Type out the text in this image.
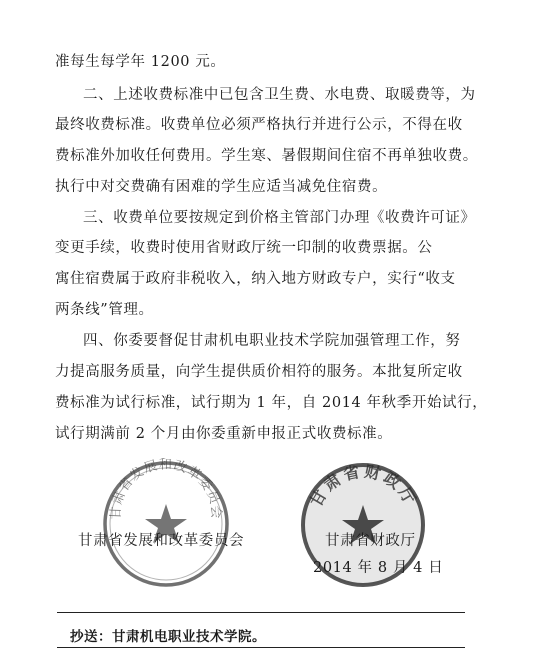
准每生每学年 1200 元。
二、上述收费标准中已包含卫生费、水电费、取暖费等，为
最终收费标准。收费单位必须严格执行并进行公示，不得在收
费标准外加收任何费用。学生寒、暑假期间住宿不再单独收费。
执行中对交费确有困难的学生应适当减免住宿费。
三、收费单位要按规定到价格主管部门办理《收费许可证》
变更手续，收费时使用省财政厅统一印制的收费票据。公
寓住宿费属于政府非税收入，纳入地方财政专户，实行“收支
两条线”管理。
四、你委要督促甘肃机电职业技术学院加强管理工作，努
力提高服务质量，向学生提供质价相符的服务。本批复所定收
费标准为试行标准，试行期为 1 年，自 2014 年秋季开始试行，
试行期满前 2 个月由你委重新申报正式收费标准。
甘肃省发展和改革委员会
甘肃省财政厅
甘肃省发展和改革委员会	甘肃省财政厅
2014 年 8 月 4 日
抄送：甘肃机电职业技术学院。
